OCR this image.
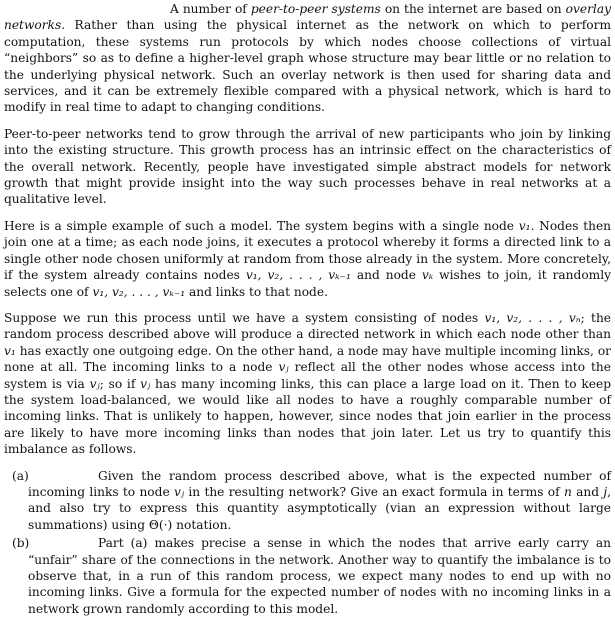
A number of peer-to-peer systems on the internet are based on overlay networks. Rather than using the physical internet as the network on which to perform computation, these systems run protocols by which nodes choose collections of virtual “neighbors” so as to define a higher-level graph whose structure may bear little or no relation to the underlying physical network. Such an overlay network is then used for sharing data and services, and it can be extremely flexible compared with a physical network, which is hard to modify in real time to adapt to changing conditions.

Peer-to-peer networks tend to grow through the arrival of new participants who join by linking into the existing structure. This growth process has an intrinsic effect on the characteristics of the overall network. Recently, people have investigated simple abstract models for network growth that might provide insight into the way such processes behave in real networks at a qualitative level.

Here is a simple example of such a model. The system begins with a single node v₁. Nodes then join one at a time; as each node joins, it executes a protocol whereby it forms a directed link to a single other node chosen uniformly at random from those already in the system. More concretely, if the system already contains nodes v₁, v₂, . . . , vₖ₋₁ and node vₖ wishes to join, it randomly selects one of v₁, v₂, . . . , vₖ₋₁ and links to that node.

Suppose we run this process until we have a system consisting of nodes v₁, v₂, . . . , vₙ; the random process described above will produce a directed network in which each node other than v₁ has exactly one outgoing edge. On the other hand, a node may have multiple incoming links, or none at all. The incoming links to a node vⱼ reflect all the other nodes whose access into the system is via vⱼ; so if vⱼ has many incoming links, this can place a large load on it. Then to keep the system load-balanced, we would like all nodes to have a roughly comparable number of incoming links. That is unlikely to happen, however, since nodes that join earlier in the process are likely to have more incoming links than nodes that join later. Let us try to quantify this imbalance as follows.

(a)	Given the random process described above, what is the expected number of incoming links to node vⱼ in the resulting network? Give an exact formula in terms of n and j, and also try to express this quantity asymptotically (vian an expression without large summations) using Θ(·) notation.
(b)	Part (a) makes precise a sense in which the nodes that arrive early carry an “unfair” share of the connections in the network. Another way to quantify the imbalance is to observe that, in a run of this random process, we expect many nodes to end up with no incoming links. Give a formula for the expected number of nodes with no incoming links in a network grown randomly according to this model.
